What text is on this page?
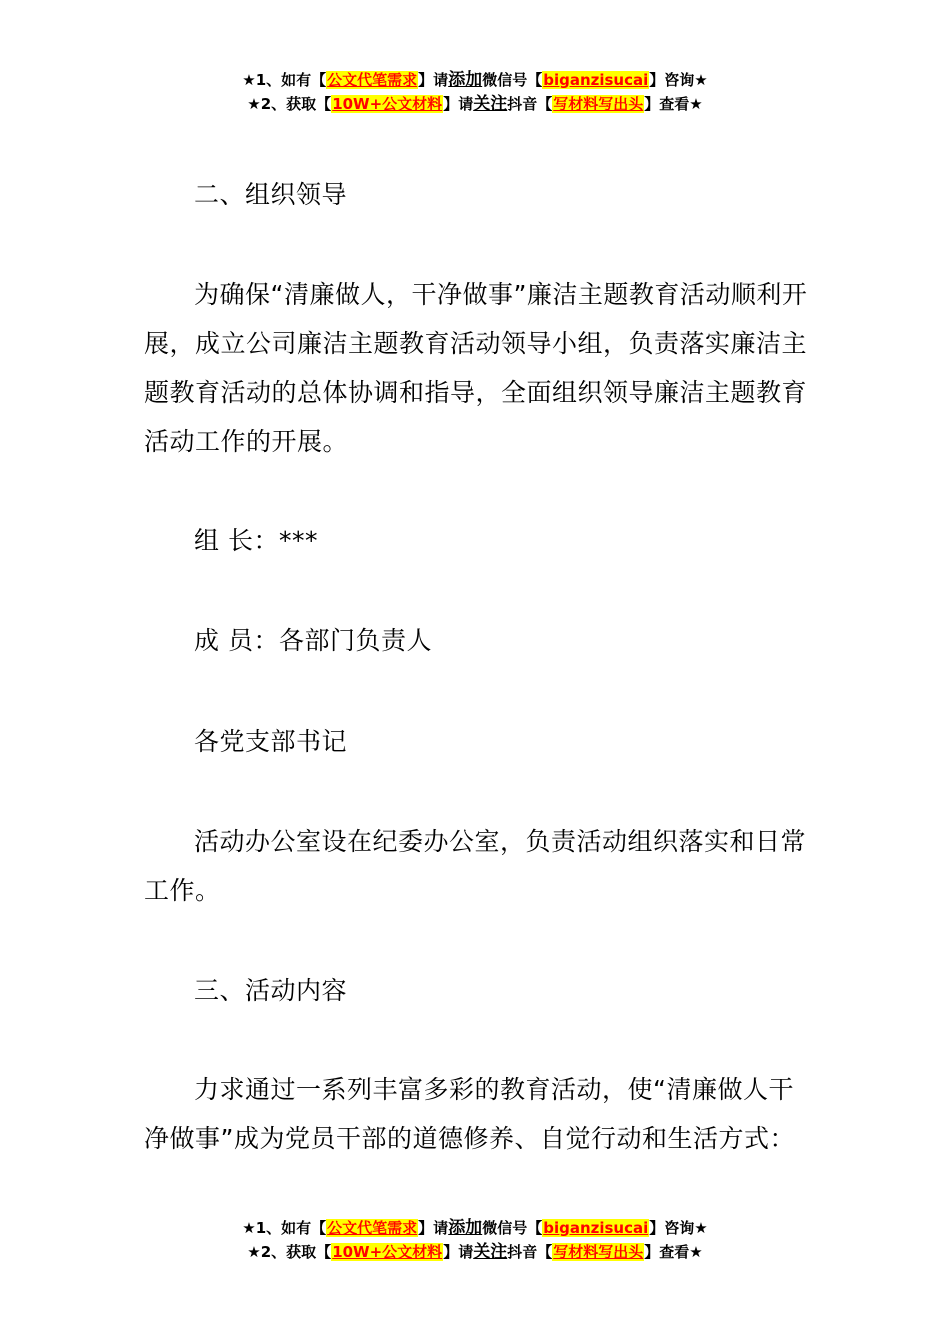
★1、如有【公文代笔需求】请添加微信号【biganzisucai】咨询★
★2、获取【10W+公文材料】请关注抖音【写材料写出头】查看★

二、组织领导

为确保“清廉做人，干净做事”廉洁主题教育活动顺利开展，成立公司廉洁主题教育活动领导小组，负责落实廉洁主题教育活动的总体协调和指导，全面组织领导廉洁主题教育活动工作的开展。

组 长：***

成 员：各部门负责人

各党支部书记

活动办公室设在纪委办公室，负责活动组织落实和日常工作。

三、活动内容

力求通过一系列丰富多彩的教育活动，使“清廉做人干净做事”成为党员干部的道德修养、自觉行动和生活方式：

★1、如有【公文代笔需求】请添加微信号【biganzisucai】咨询★
★2、获取【10W+公文材料】请关注抖音【写材料写出头】查看★
